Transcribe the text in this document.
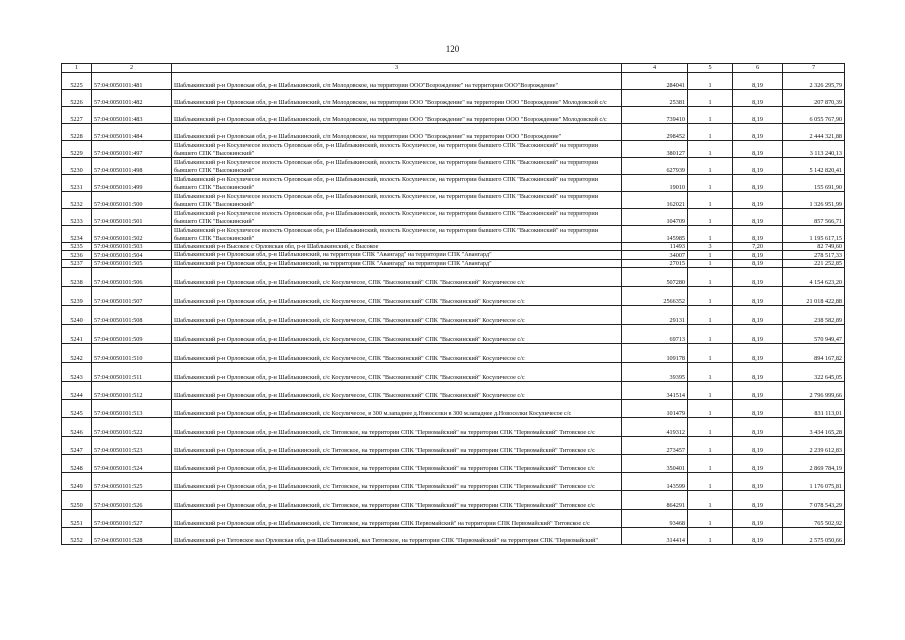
120
1	2	3	4	5	6	7
5225	57:04:0050101:481	Шаблыкинский р-н Орловская обл, р-н Шаблыкинский, с/п Молодовское, на территории ООО"Возрождение" на территории ООО"Возрождение"	284041	1	8,19	2 326 295,79
5226	57:04:0050101:482	Шаблыкинский р-н Орловская обл, р-н Шаблыкинский, с/п Молодовское, на территории ООО "Возрождение" на территории ООО "Возрождение" Молодовской с/с	25381	1	8,19	207 870,39
5227	57:04:0050101:483	Шаблыкинский р-н Орловская обл, р-н Шаблыкинский, с/п Молодовское, на территории ООО "Возрождение" на территории ООО "Возрождение" Молодовской с/с	739410	1	8,19	6 055 767,90
5228	57:04:0050101:484	Шаблыкинский р-н Орловская обл, р-н Шаблыкинский, с/п Молодовское, на территории ООО "Возрождение" на территории ООО "Возрождение"	298452	1	8,19	2 444 321,88
5229	57:04:0050101:497	Шаблыкинский р-н Косуличесое волость Орловская обл, р-н Шаблыкинский, волость Косуличесое, на территории бывшего СПК "Высокинский" на территории бывшего СПК "Высокинский"	380127	1	8,19	3 113 240,13
5230	57:04:0050101:498	Шаблыкинский р-н Косуличесое волость Орловская обл, р-н Шаблыкинский, волость Косуличесое, на территории бывшего СПК "Высокинский" на территории бывшего СПК "Высокинский"	627939	1	8,19	5 142 820,41
5231	57:04:0050101:499	Шаблыкинский р-н Косуличесое волость Орловская обл, р-н Шаблыкинский, волость Косуличесое, на территории бывшего СПК "Высокинский" на территории бывшего СПК "Высокинский"	19010	1	8,19	155 691,90
5232	57:04:0050101:500	Шаблыкинский р-н Косуличесое волость Орловская обл, р-н Шаблыкинский, волость Косуличесое, на территории бывшего СПК "Высокинский" на территории бывшего СПК "Высокинский"	162021	1	8,19	1 326 951,99
5233	57:04:0050101:501	Шаблыкинский р-н Косуличесое волость Орловская обл, р-н Шаблыкинский, волость Косуличесое, на территории бывшего СПК "Высокинский" на территории бывшего СПК "Высокинский"	104709	1	8,19	857 566,71
5234	57:04:0050101:502	Шаблыкинский р-н Косуличесое волость Орловская обл, р-н Шаблыкинский, волость Косуличесое, на территории бывшего СПК "Высокинский" на территории бывшего СПК "Высокинский"	145985	1	8,19	1 195 617,15
5235	57:04:0050101:503	Шаблыкинский р-н Высокое с Орловская обл, р-н Шаблыкинский, с Высокое	11493	3	7,20	82 749,60
5236	57:04:0050101:504	Шаблыкинский р-н Орловская обл, р-н Шаблыкинский, на территории СПК "Авангард" на территории СПК "Авангард"	34007	1	8,19	278 517,33
5237	57:04:0050101:505	Шаблыкинский р-н Орловская обл, р-н Шаблыкинский, на территории СПК "Авангард" на территории СПК "Авангард"	27015	1	8,19	221 252,85
5238	57:04:0050101:506	Шаблыкинский р-н Орловская обл, р-н Шаблыкинский, с/с Косуличесое, СПК "Высокинский" СПК "Высокинский" Косуличесое с/с	507280	1	8,19	4 154 623,20
5239	57:04:0050101:507	Шаблыкинский р-н Орловская обл, р-н Шаблыкинский, с/с Косуличесое, СПК "Высокинский" СПК "Высокинский" Косуличесое с/с	2566352	1	8,19	21 018 422,88
5240	57:04:0050101:508	Шаблыкинский р-н Орловская обл, р-н Шаблыкинский, с/с Косуличесое, СПК "Высокинский" СПК "Высокинский" Косуличесое с/с	29131	1	8,19	238 582,89
5241	57:04:0050101:509	Шаблыкинский р-н Орловская обл, р-н Шаблыкинский, с/с Косуличесое, СПК "Высокинский" СПК "Высокинский" Косуличесое с/с	69713	1	8,19	570 949,47
5242	57:04:0050101:510	Шаблыкинский р-н Орловская обл, р-н Шаблыкинский, с/с Косуличесое, СПК "Высокинский" СПК "Высокинский" Косуличесое с/с	109178	1	8,19	894 167,82
5243	57:04:0050101:511	Шаблыкинский р-н Орловская обл, р-н Шаблыкинский, с/с Косуличесое, СПК "Высокинский" СПК "Высокинский" Косуличесое с/с	39395	1	8,19	322 645,05
5244	57:04:0050101:512	Шаблыкинский р-н Орловская обл, р-н Шаблыкинский, с/с Косуличесое, СПК "Высокинский" СПК "Высокинский" Косуличесое с/с	341514	1	8,19	2 796 999,66
5245	57:04:0050101:513	Шаблыкинский р-н Орловская обл, р-н Шаблыкинский, с/с Косуличесое, в 300 м.западнее д.Новоселки в 300 м.западнее д.Новоселки Косуличесое с/с	101479	1	8,19	831 113,01
5246	57:04:0050101:522	Шаблыкинский р-н Орловская обл, р-н Шаблыкинский, с/с Титовское, на территории СПК "Первомайский" на территории СПК "Первомайский" Титовское с/с	419312	1	8,19	3 434 165,28
5247	57:04:0050101:523	Шаблыкинский р-н Орловская обл, р-н Шаблыкинский, с/с Титовское, на территории СПК "Первомайский" на территории СПК "Первомайский" Титовское с/с	273457	1	8,19	2 239 612,83
5248	57:04:0050101:524	Шаблыкинский р-н Орловская обл, р-н Шаблыкинский, с/с Титовское, на территории СПК "Первомайский" на территории СПК "Первомайский" Титовское с/с	350401	1	8,19	2 869 784,19
5249	57:04:0050101:525	Шаблыкинский р-н Орловская обл, р-н Шаблыкинский, с/с Титовское, на территории СПК "Первомайский" на территории СПК "Первомайский" Титовское с/с	143599	1	8,19	1 176 075,81
5250	57:04:0050101:526	Шаблыкинский р-н Орловская обл, р-н Шаблыкинский, с/с Титовское, на территории СПК "Первомайский" на территории СПК "Первомайский" Титовское с/с	864291	1	8,19	7 078 543,29
5251	57:04:0050101:527	Шаблыкинский р-н Орловская обл, р-н Шаблыкинский, с/с Титовское, на территории СПК Первомайский" на территории СПК Первомайский" Титовское с/с	93468	1	8,19	765 502,92
5252	57:04:0050101:528	Шаблыкинский р-н Титовское вал Орловская обл, р-н Шаблыкинский, вал Титовское, на территории СПК "Первомайский" на территории СПК "Первомайский"	314414	1	8,19	2 575 050,66
